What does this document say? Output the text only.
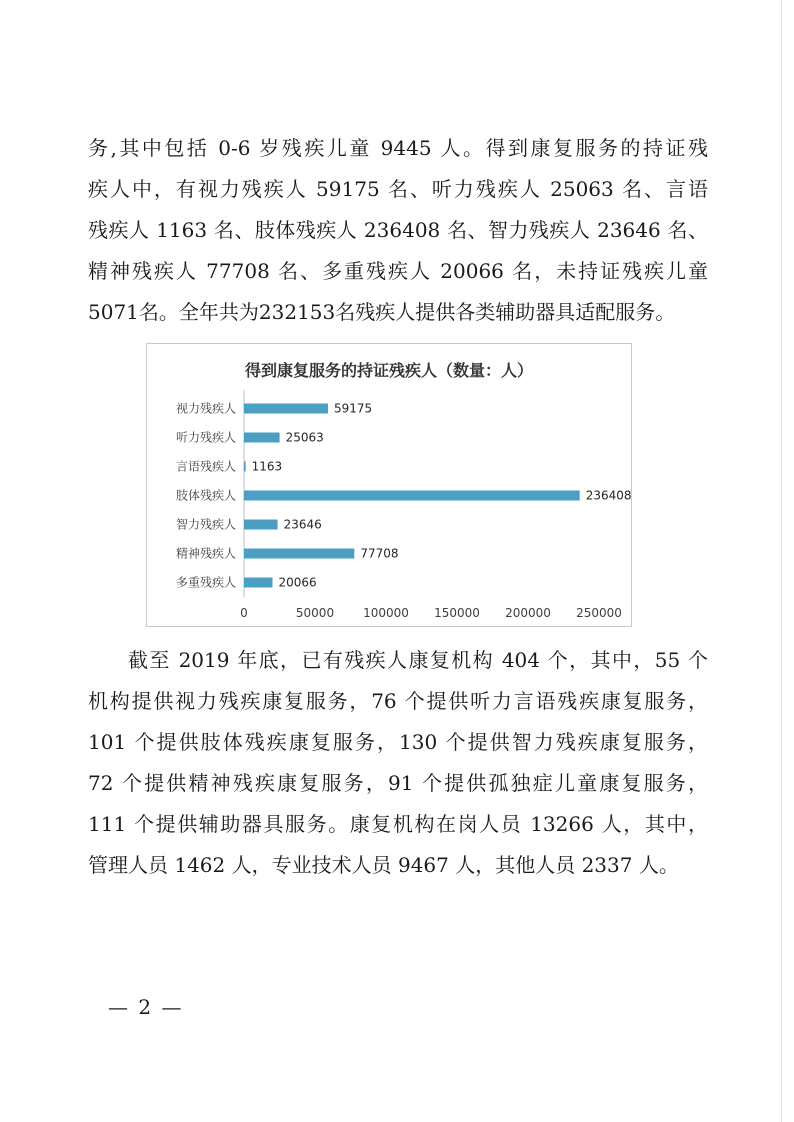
务,其中包括 0-6 岁残疾儿童 9445 人。得到康复服务的持证残
疾人中，有视力残疾人 59175 名、听力残疾人 25063 名、言语
残疾人 1163 名、肢体残疾人 236408 名、智力残疾人 23646 名、
精神残疾人 77708 名、多重残疾人 20066 名，未持证残疾儿童
5071名。全年共为232153名残疾人提供各类辅助器具适配服务。
得到康复服务的持证残疾人（数量：人）
视力残疾人	59175
听力残疾人	25063
言语残疾人 1163
肢体残疾人	236408
智力残疾人	23646
精神残疾人	77708
多重残疾人	20066
0	50000 100000 150000 200000 250000
截至 2019 年底，已有残疾人康复机构 404 个，其中，55 个
机构提供视力残疾康复服务，76 个提供听力言语残疾康复服务，
101 个提供肢体残疾康复服务，130 个提供智力残疾康复服务，
72 个提供精神残疾康复服务，91 个提供孤独症儿童康复服务，
111 个提供辅助器具服务。康复机构在岗人员 13266 人，其中，
管理人员 1462 人，专业技术人员 9467 人，其他人员 2337 人。
— 2 —
